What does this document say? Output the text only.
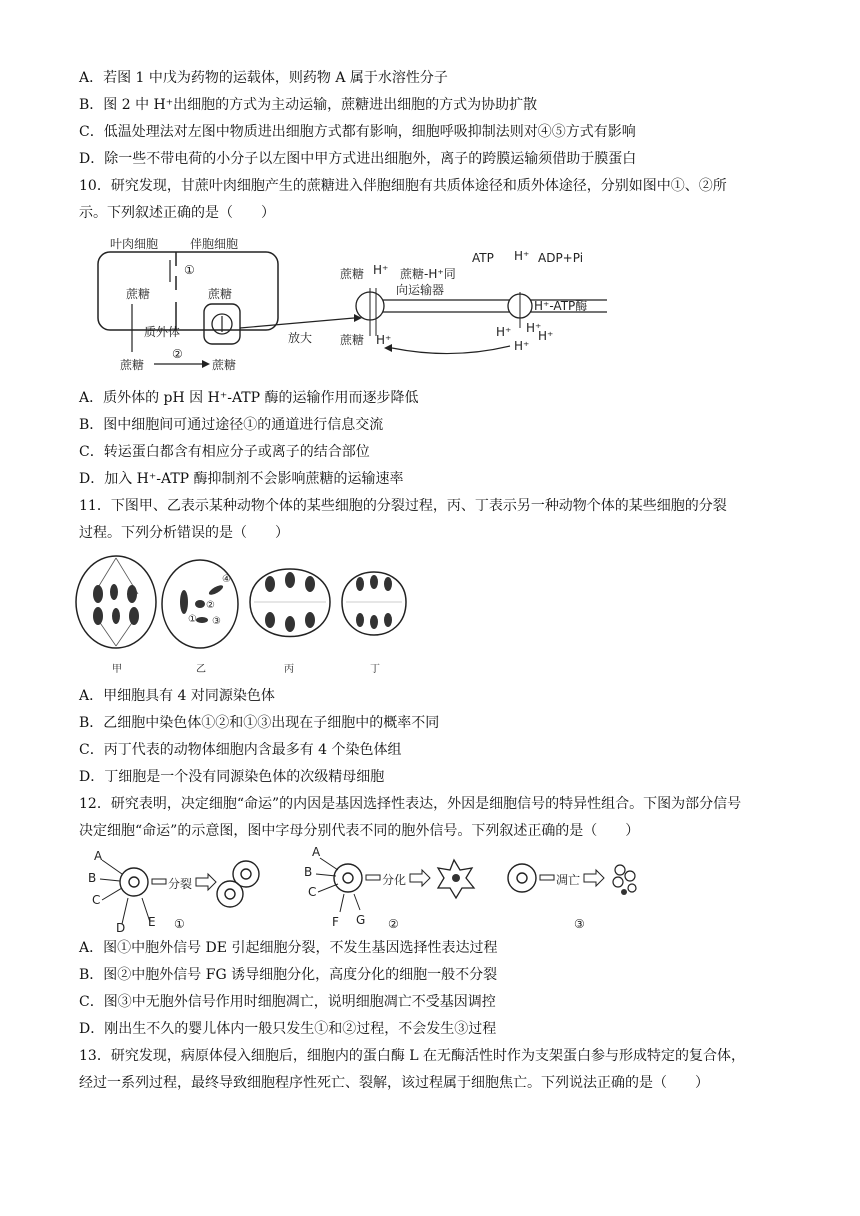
A．若图 1 中戊为药物的运载体，则药物 A 属于水溶性分子
B．图 2 中 H⁺出细胞的方式为主动运输，蔗糖进出细胞的方式为协助扩散
C．低温处理法对左图中物质进出细胞方式都有影响，细胞呼吸抑制法则对④⑤方式有影响
D．除一些不带电荷的小分子以左图中甲方式进出细胞外，离子的跨膜运输须借助于膜蛋白
10．研究发现，甘蔗叶肉细胞产生的蔗糖进入伴胞细胞有共质体途径和质外体途径，分别如图中①、②所
示。下列叙述正确的是（　　）
叶肉细胞	伴胞细胞
①
蔗糖
质外体
蔗糖
蔗糖
②
蔗糖
放大
蔗糖 H⁺ 蔗糖-H⁺同
向运输器
ATP H⁺ ADP+Pi
H⁺-ATP酶
蔗糖 H⁺
H⁺ H⁺
H⁺
H⁺
A．质外体的 pH 因 H⁺-ATP 酶的运输作用而逐步降低
B．图中细胞间可通过途径①的通道进行信息交流
C．转运蛋白都含有相应分子或离子的结合部位
D．加入 H⁺-ATP 酶抑制剂不会影响蔗糖的运输速率
11．下图甲、乙表示某种动物个体的某些细胞的分裂过程，丙、丁表示另一种动物个体的某些细胞的分裂
过程。下列分析错误的是（　　）
甲
④
①
②
③
乙	丙	丁
A．甲细胞具有 4 对同源染色体
B．乙细胞中染色体①②和①③出现在子细胞中的概率不同
C．丙丁代表的动物体细胞内含最多有 4 个染色体组
D．丁细胞是一个没有同源染色体的次级精母细胞
12．研究表明，决定细胞“命运”的内因是基因选择性表达，外因是细胞信号的特异性组合。下图为部分信号
决定细胞“命运”的示意图，图中字母分别代表不同的胞外信号。下列叙述正确的是（　　）
A
B
C
D E
分裂
①
A
B
C
F G
分化
②
凋亡
③
A．图①中胞外信号 DE 引起细胞分裂，不发生基因选择性表达过程
B．图②中胞外信号 FG 诱导细胞分化，高度分化的细胞一般不分裂
C．图③中无胞外信号作用时细胞凋亡，说明细胞凋亡不受基因调控
D．刚出生不久的婴儿体内一般只发生①和②过程，不会发生③过程
13．研究发现，病原体侵入细胞后，细胞内的蛋白酶 L 在无酶活性时作为支架蛋白参与形成特定的复合体，
经过一系列过程，最终导致细胞程序性死亡、裂解，该过程属于细胞焦亡。下列说法正确的是（　　）
